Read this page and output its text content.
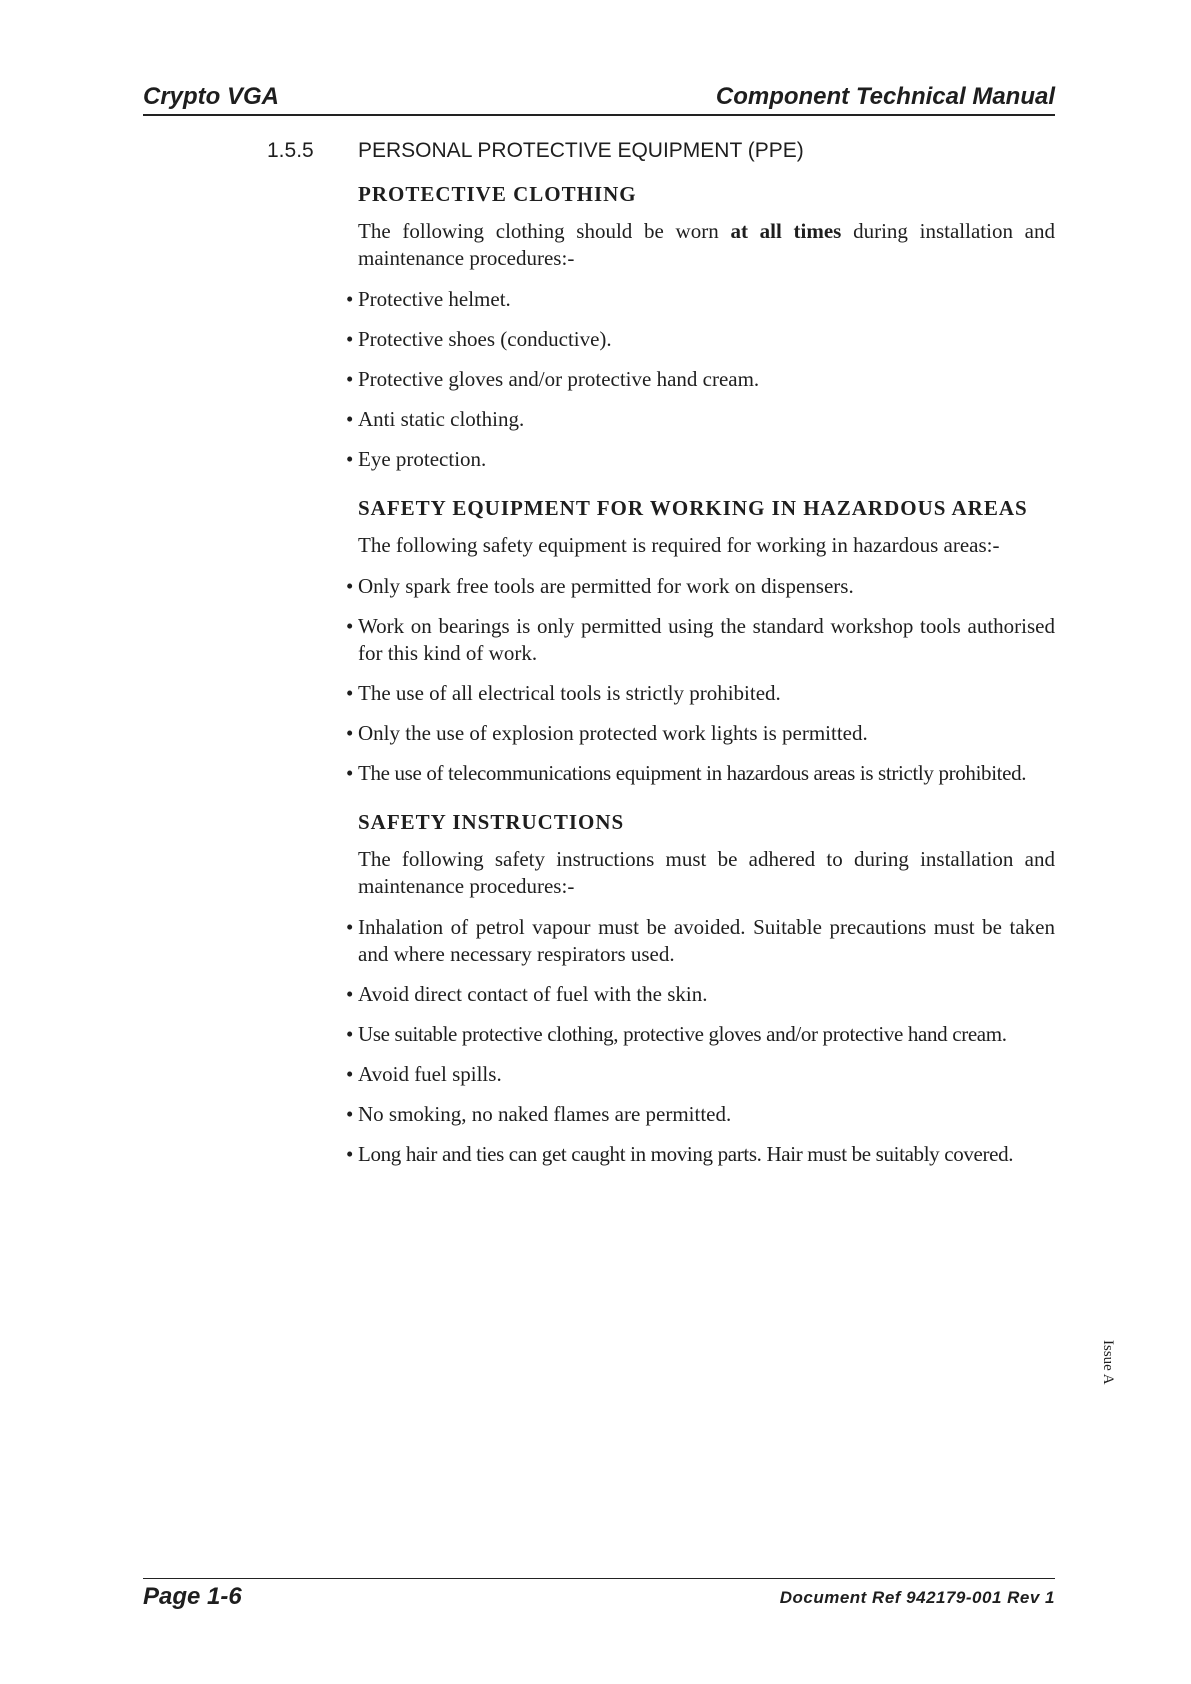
Crypto VGA	Component Technical Manual
1.5.5 PERSONAL PROTECTIVE EQUIPMENT (PPE)
PROTECTIVE CLOTHING

The following clothing should be worn at all times during installation and maintenance procedures:-

• Protective helmet.
• Protective shoes (conductive).
• Protective gloves and/or protective hand cream.
• Anti static clothing.
• Eye protection.
SAFETY EQUIPMENT FOR WORKING IN HAZARDOUS AREAS

The following safety equipment is required for working in hazardous areas:-

• Only spark free tools are permitted for work on dispensers.
• Work on bearings is only permitted using the standard workshop tools authorised for this kind of work.
• The use of all electrical tools is strictly prohibited.
• Only the use of explosion protected work lights is permitted.
• The use of telecommunications equipment in hazardous areas is strictly prohibited.
SAFETY INSTRUCTIONS

The following safety instructions must be adhered to during installation and maintenance procedures:-

• Inhalation of petrol vapour must be avoided. Suitable precautions must be taken and where necessary respirators used.
• Avoid direct contact of fuel with the skin.
• Use suitable protective clothing, protective gloves and/or protective hand cream.
• Avoid fuel spills.
• No smoking, no naked flames are permitted.
• Long hair and ties can get caught in moving parts. Hair must be suitably covered.
Issue A
Page 1-6	Document Ref 942179-001 Rev 1
